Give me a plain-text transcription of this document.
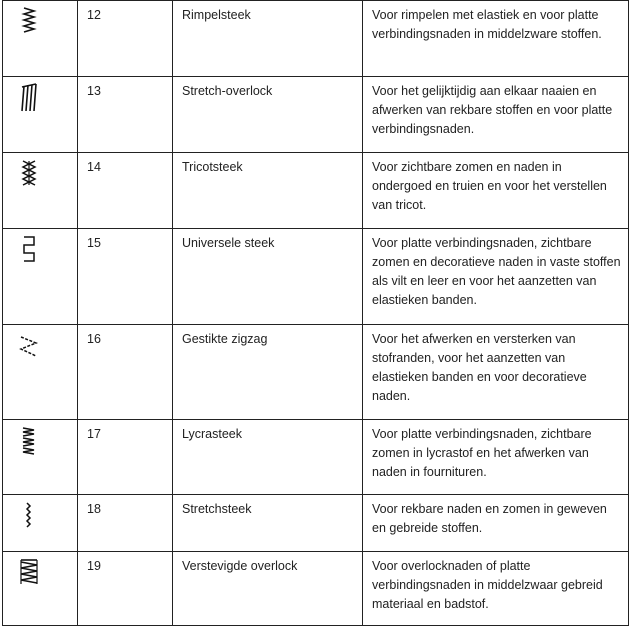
	12	Rimpelsteek	Voor rimpelen met elastiek en voor platte verbindingsnaden in middelzware stoffen.

	13	Stretch-overlock	Voor het gelijktijdig aan elkaar naaien en afwerken van rekbare stoffen en voor platte verbindingsnaden.

	14	Tricotsteek	Voor zichtbare zomen en naden in ondergoed en truien en voor het verstellen van tricot.

	15	Universele steek	Voor platte verbindingsnaden, zichtbare zomen en decoratieve naden in vaste stoffen als vilt en leer en voor het aanzetten van elastieken banden.

	16	Gestikte zigzag	Voor het afwerken en versterken van stofranden, voor het aanzetten van elastieken banden en voor decoratieve naden.

	17	Lycrasteek	Voor platte verbindingsnaden, zichtbare zomen in lycrastof en het afwerken van naden in fournituren.

	18	Stretchsteek	Voor rekbare naden en zomen in geweven en gebreide stoffen.

	19	Verstevigde overlock	Voor overlocknaden of platte verbindingsnaden in middelzwaar gebreid materiaal en badstof.
